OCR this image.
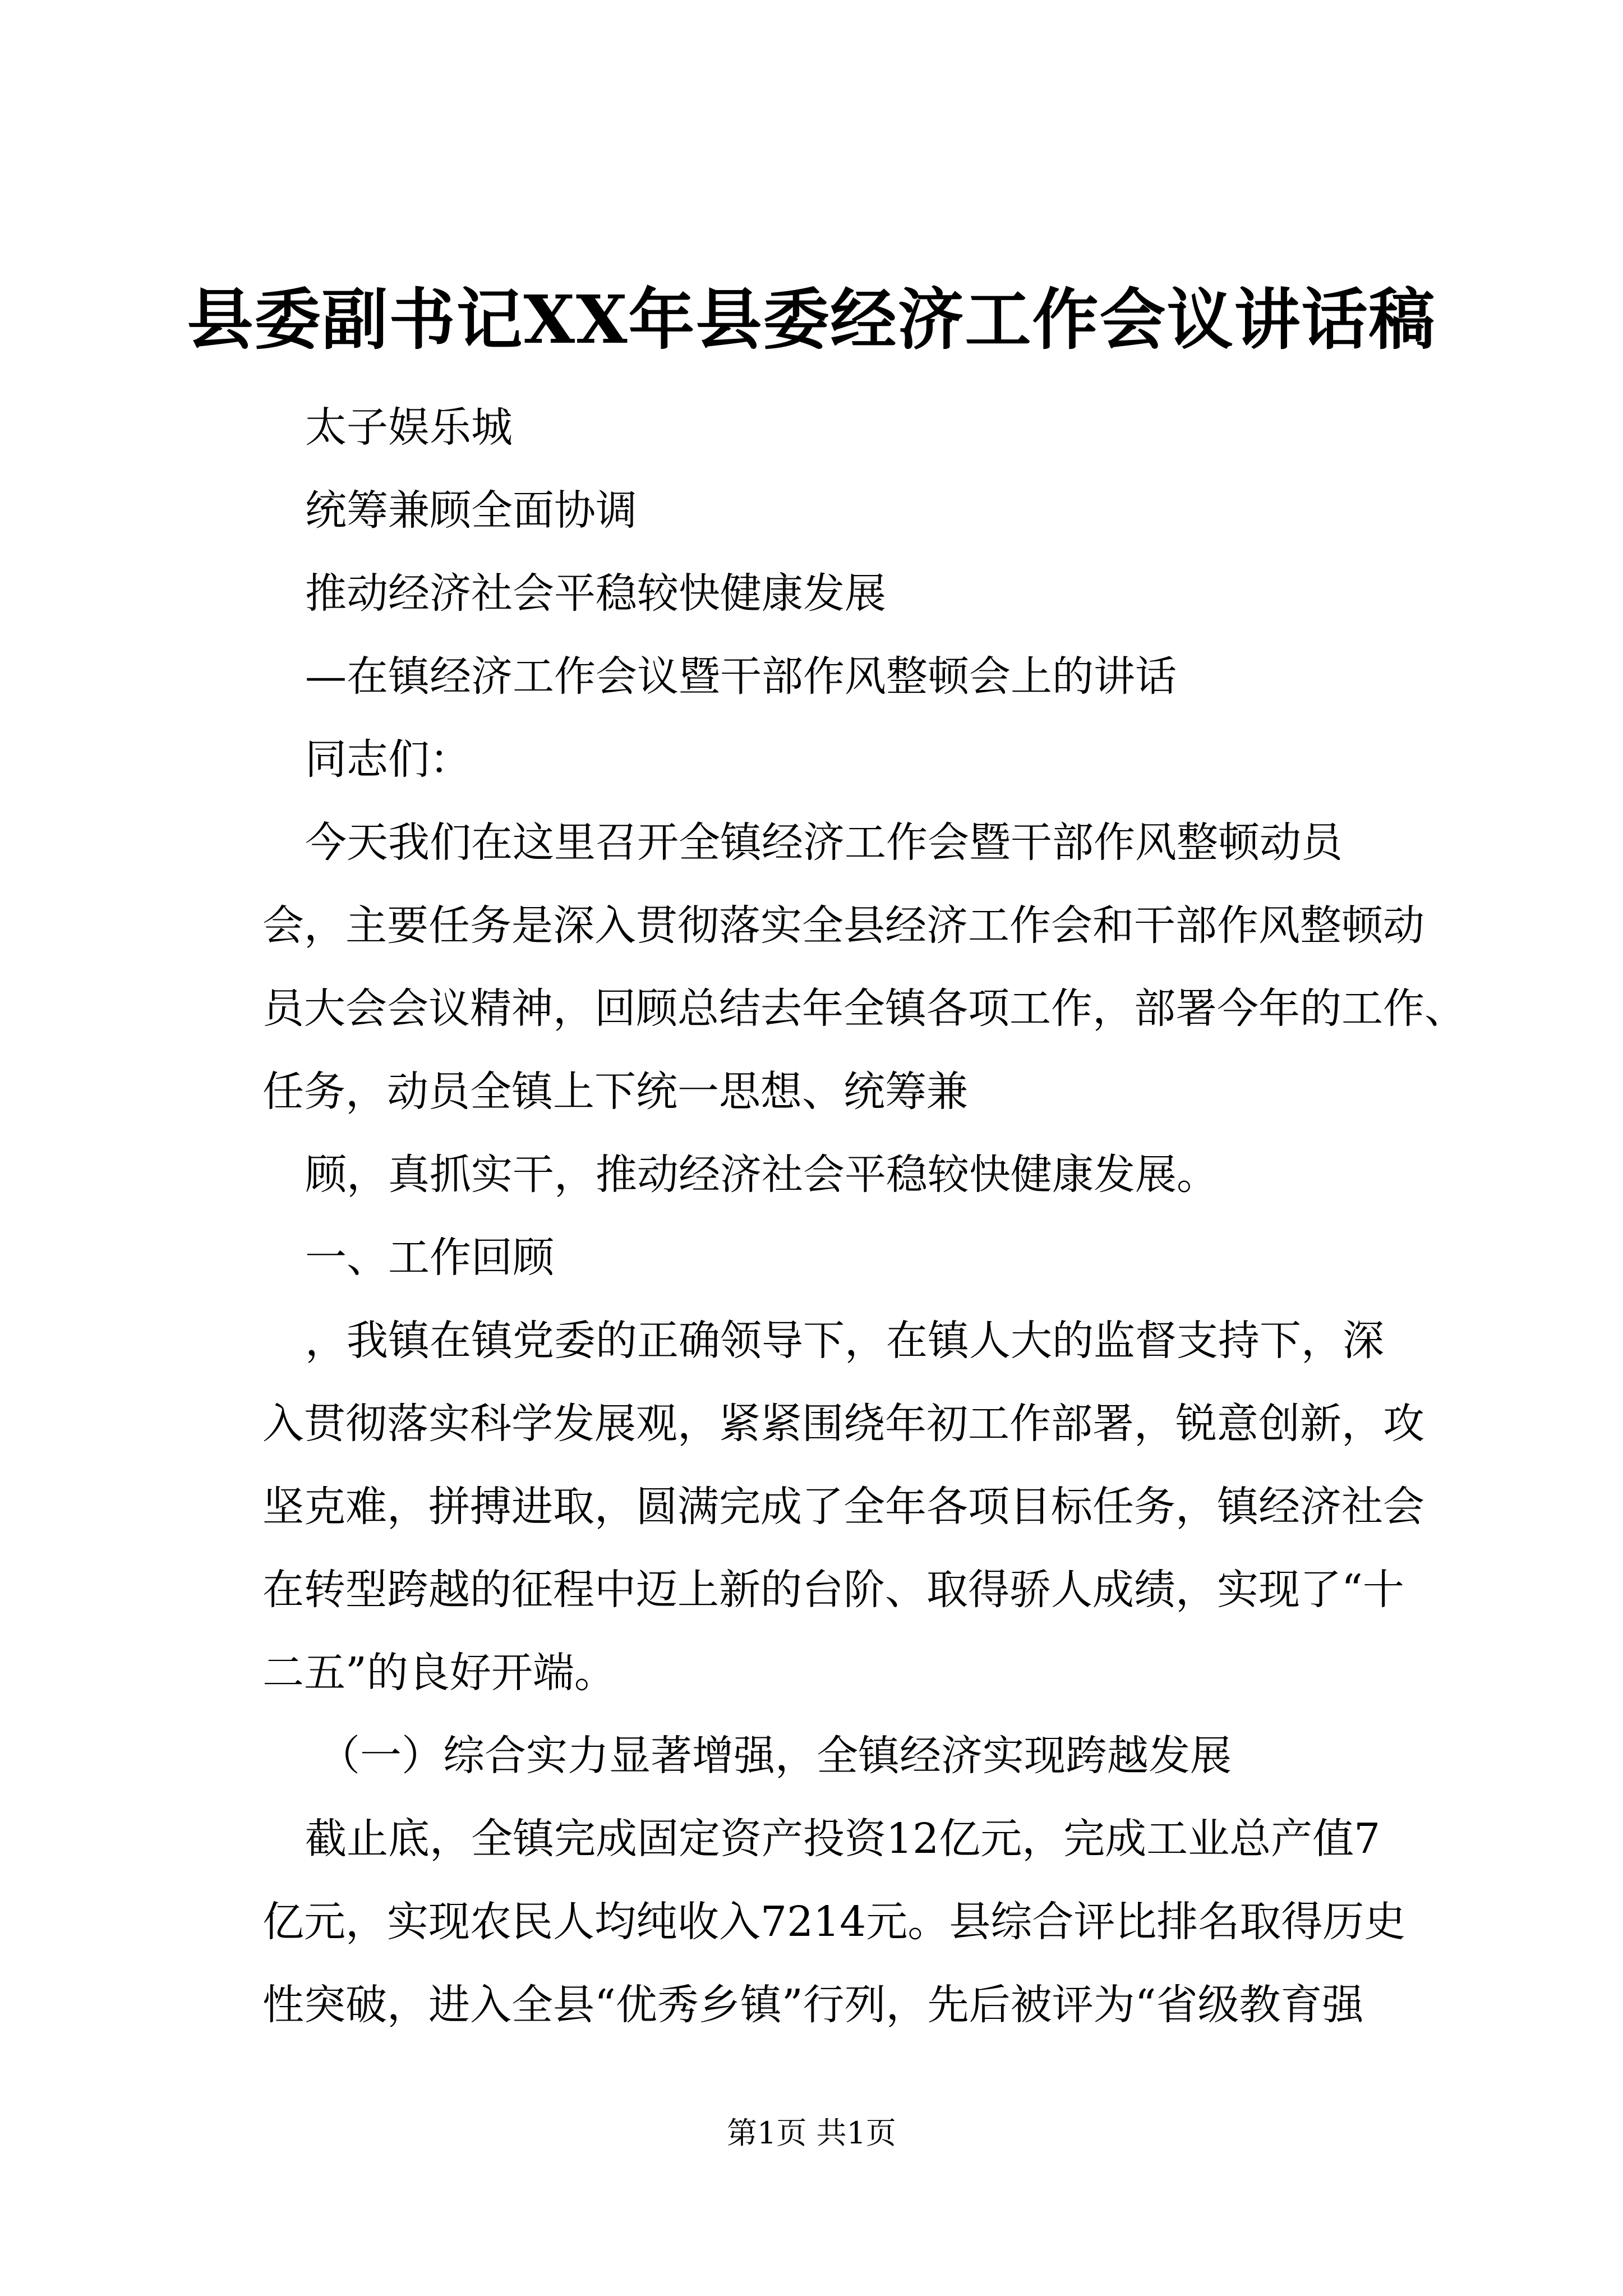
县委副书记XX年县委经济工作会议讲话稿

太子娱乐城

统筹兼顾全面协调

推动经济社会平稳较快健康发展

—在镇经济工作会议暨干部作风整顿会上的讲话

同志们：

今天我们在这里召开全镇经济工作会暨干部作风整顿动员

会，主要任务是深入贯彻落实全县经济工作会和干部作风整顿动

员大会会议精神，回顾总结去年全镇各项工作，部署今年的工作、

任务，动员全镇上下统一思想、统筹兼

顾，真抓实干，推动经济社会平稳较快健康发展。

一、工作回顾

，我镇在镇党委的正确领导下，在镇人大的监督支持下，深

入贯彻落实科学发展观，紧紧围绕年初工作部署，锐意创新，攻

坚克难，拼搏进取，圆满完成了全年各项目标任务，镇经济社会

在转型跨越的征程中迈上新的台阶、取得骄人成绩，实现了“十

二五”的良好开端。

（一）综合实力显著增强，全镇经济实现跨越发展

截止底，全镇完成固定资产投资12亿元，完成工业总产值7

亿元，实现农民人均纯收入7214元。县综合评比排名取得历史

性突破，进入全县“优秀乡镇”行列，先后被评为“省级教育强

第1页 共1页
